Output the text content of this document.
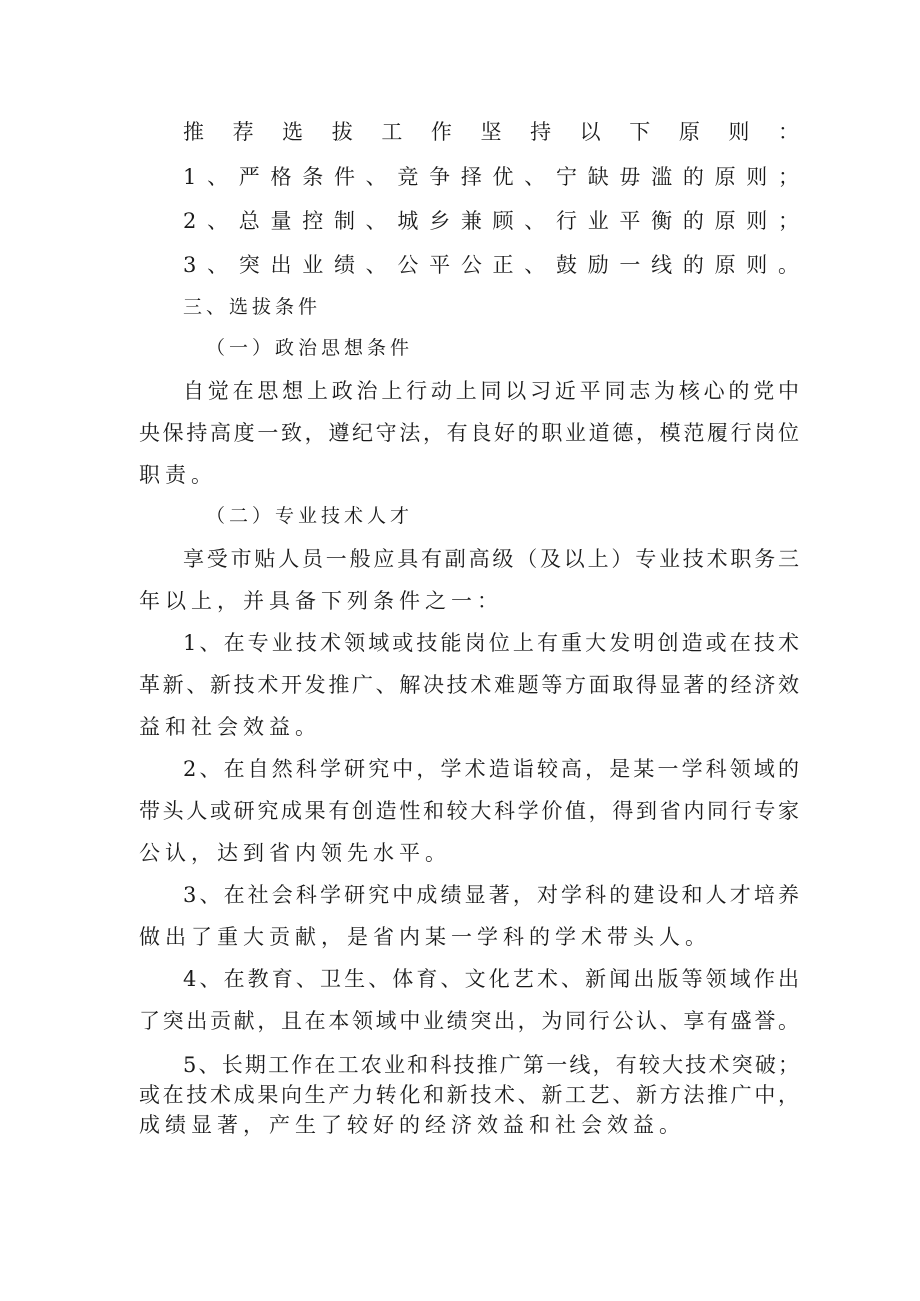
推荐选拔工作坚持以下原则：

1、严格条件、竞争择优、宁缺毋滥的原则；

2、总量控制、城乡兼顾、行业平衡的原则；

3、突出业绩、公平公正、鼓励一线的原则。

三、选拔条件

（一）政治思想条件

自觉在思想上政治上行动上同以习近平同志为核心的党中

央保持高度一致，遵纪守法，有良好的职业道德，模范履行岗位

职责。

（二）专业技术人才

享受市贴人员一般应具有副高级（及以上）专业技术职务三

年以上，并具备下列条件之一：

1、在专业技术领域或技能岗位上有重大发明创造或在技术

革新、新技术开发推广、解决技术难题等方面取得显著的经济效

益和社会效益。

2、在自然科学研究中，学术造诣较高，是某一学科领域的

带头人或研究成果有创造性和较大科学价值，得到省内同行专家

公认，达到省内领先水平。

3、在社会科学研究中成绩显著，对学科的建设和人才培养

做出了重大贡献，是省内某一学科的学术带头人。

4、在教育、卫生、体育、文化艺术、新闻出版等领域作出

了突出贡献，且在本领域中业绩突出，为同行公认、享有盛誉。

5、长期工作在工农业和科技推广第一线，有较大技术突破；

或在技术成果向生产力转化和新技术、新工艺、新方法推广中，

成绩显著，产生了较好的经济效益和社会效益。
